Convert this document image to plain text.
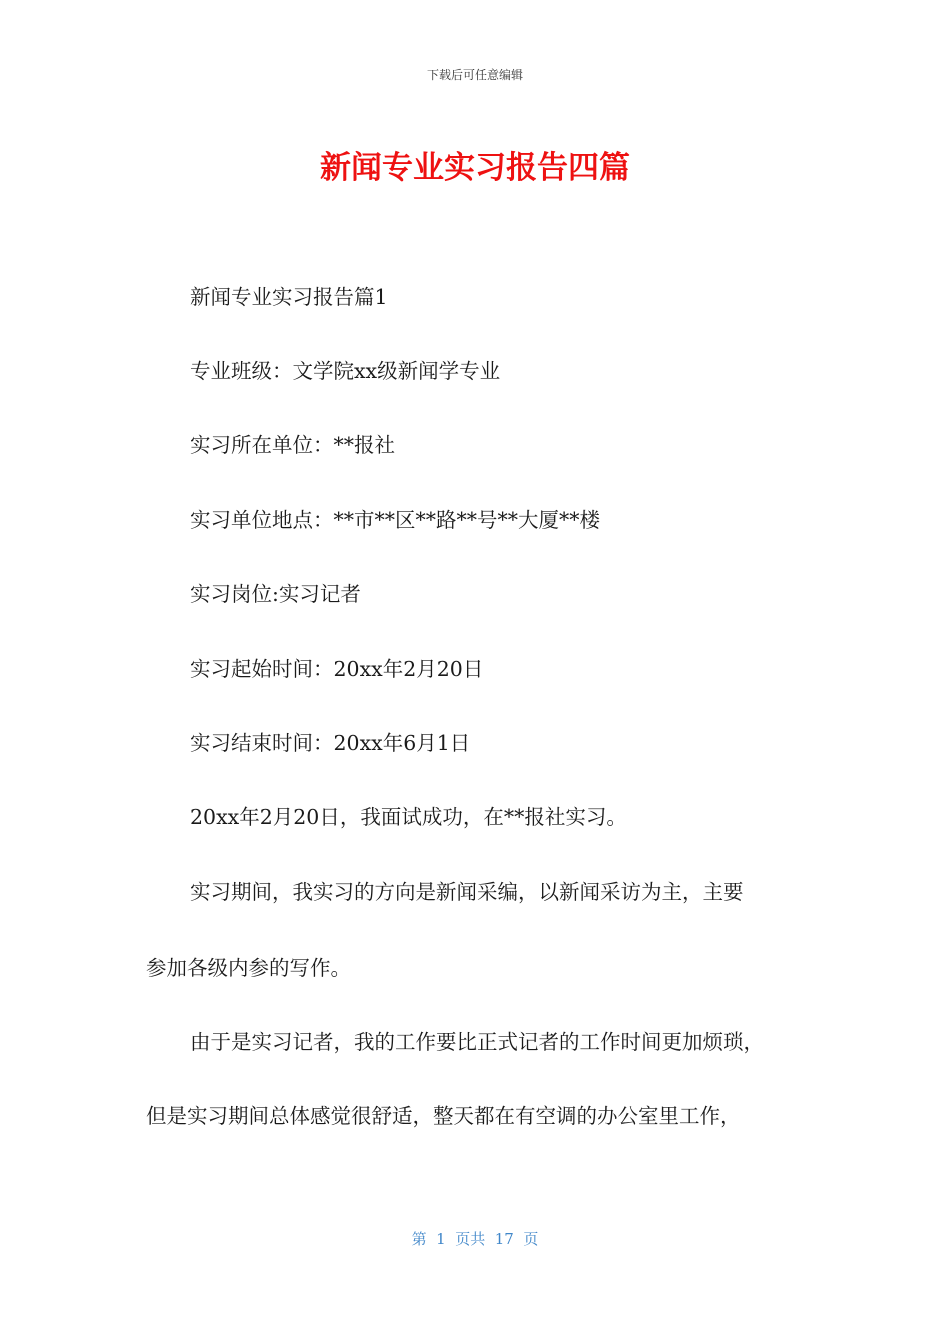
下载后可任意编辑
新闻专业实习报告四篇
新闻专业实习报告篇1
专业班级：文学院xx级新闻学专业
实习所在单位：**报社
实习单位地点：**市**区**路**号**大厦**楼
实习岗位:实习记者
实习起始时间：20xx年2月20日
实习结束时间：20xx年6月1日
20xx年2月20日，我面试成功，在**报社实习。
实习期间，我实习的方向是新闻采编，以新闻采访为主，主要
参加各级内参的写作。
由于是实习记者，我的工作要比正式记者的工作时间更加烦琐，
但是实习期间总体感觉很舒适，整天都在有空调的办公室里工作，
第  1  页共  17  页
